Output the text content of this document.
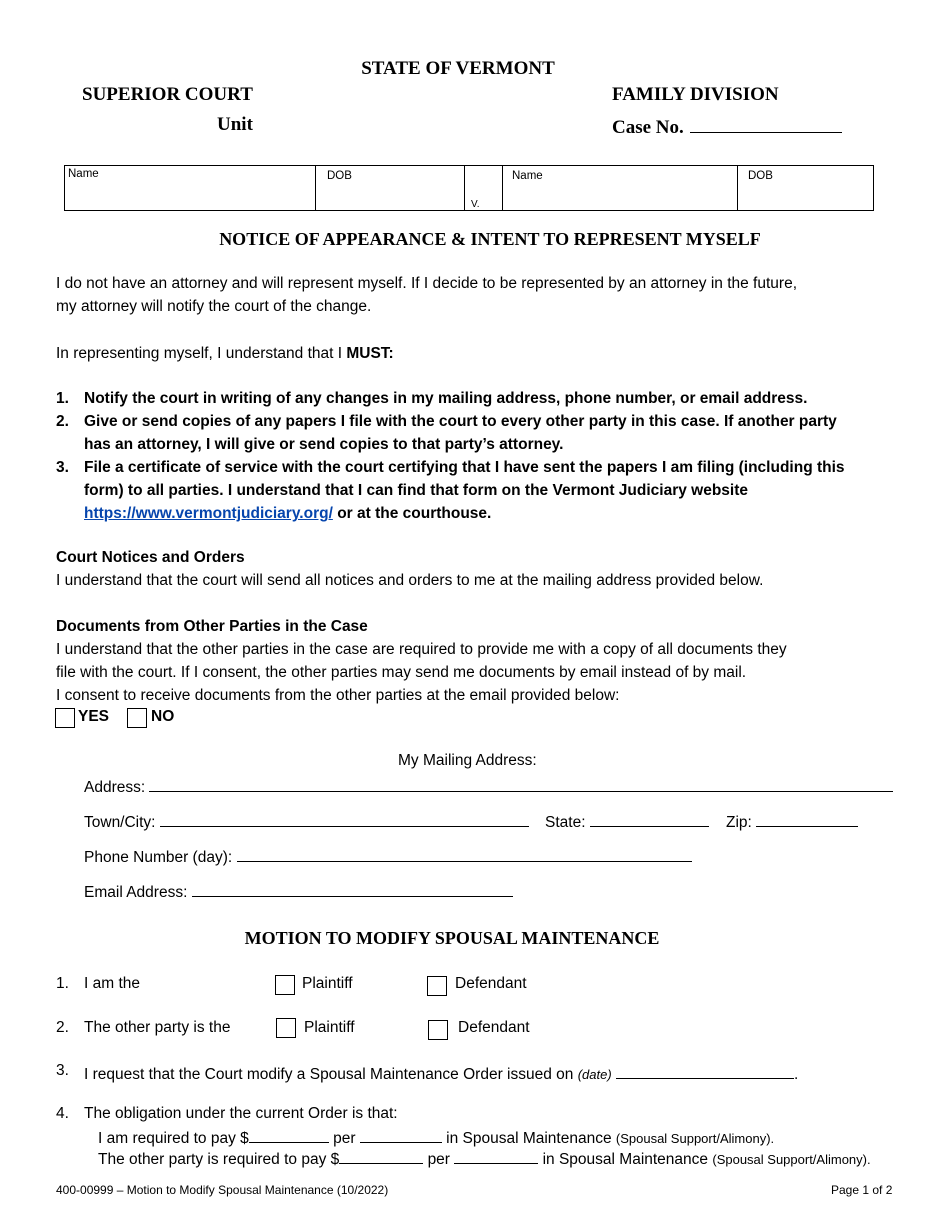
STATE OF VERMONT
SUPERIOR COURT
Unit
FAMILY DIVISION
Case No.
Name	DOB	V.	Name	DOB
NOTICE OF APPEARANCE & INTENT TO REPRESENT MYSELF
I do not have an attorney and will represent myself. If I decide to be represented by an attorney in the future,
my attorney will notify the court of the change.
In representing myself, I understand that I MUST:
1. Notify the court in writing of any changes in my mailing address, phone number, or email address.
2. Give or send copies of any papers I file with the court to every other party in this case. If another party
has an attorney, I will give or send copies to that party’s attorney.
3. File a certificate of service with the court certifying that I have sent the papers I am filing (including this
form) to all parties. I understand that I can find that form on the Vermont Judiciary website
https://www.vermontjudiciary.org/ or at the courthouse.
Court Notices and Orders
I understand that the court will send all notices and orders to me at the mailing address provided below.
Documents from Other Parties in the Case
I understand that the other parties in the case are required to provide me with a copy of all documents they
file with the court. If I consent, the other parties may send me documents by email instead of by mail.
I consent to receive documents from the other parties at the email provided below:
YES	NO
My Mailing Address:
Address:
Town/City:	State:	Zip:
Phone Number (day):
Email Address:
MOTION TO MODIFY SPOUSAL MAINTENANCE
1. I am the	Plaintiff	Defendant
2. The other party is the	Plaintiff	Defendant
3. I request that the Court modify a Spousal Maintenance Order issued on (date)	.
4. The obligation under the current Order is that:
I am required to pay $	per	in Spousal Maintenance (Spousal Support/Alimony).
The other party is required to pay $	per	in Spousal Maintenance (Spousal Support/Alimony).
400-00999 – Motion to Modify Spousal Maintenance (10/2022)	Page 1 of 2
